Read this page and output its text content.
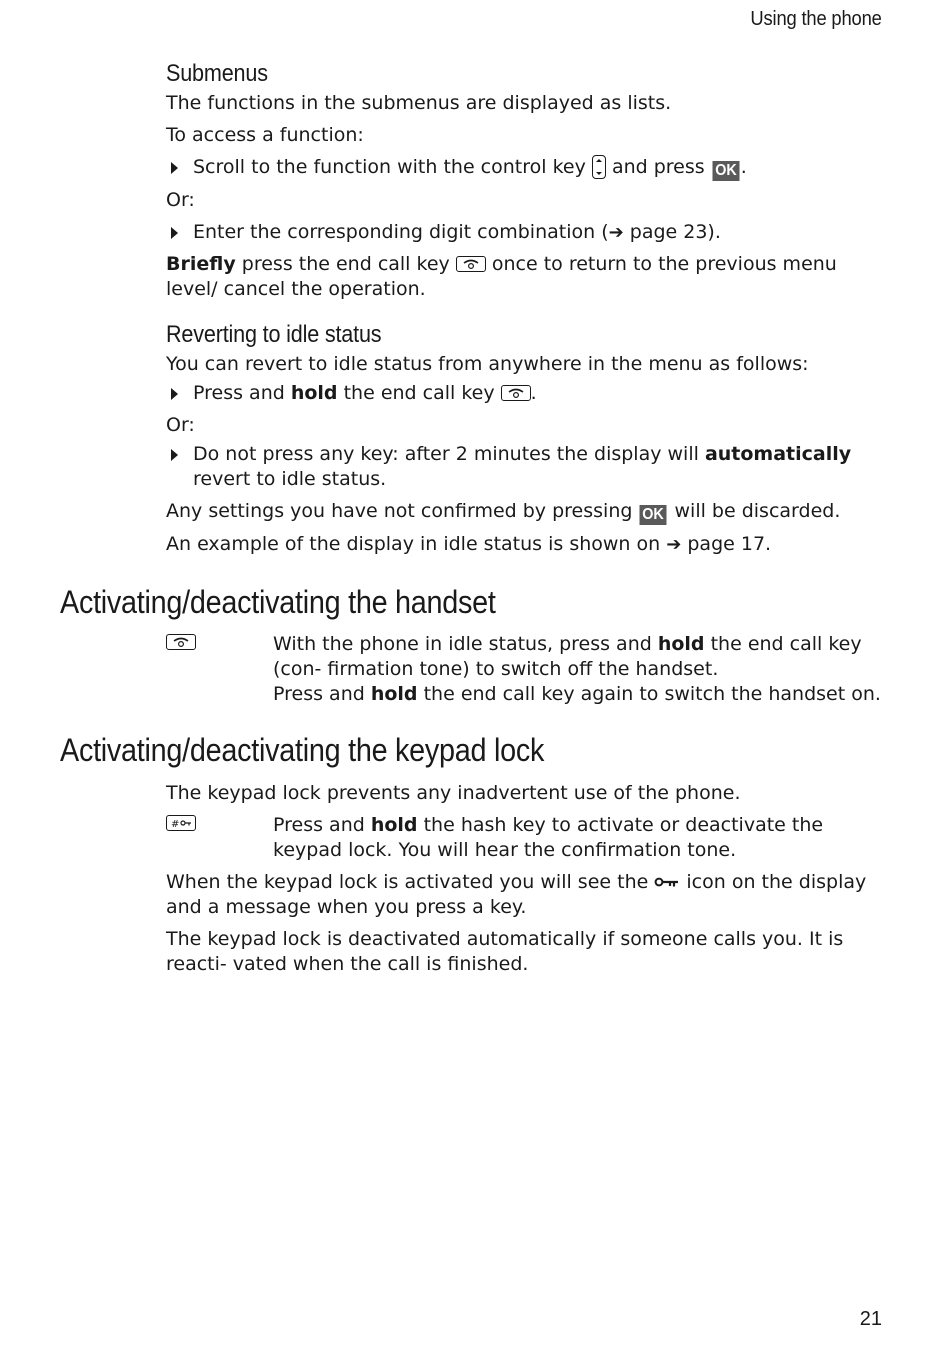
Using the phone
Submenus

The functions in the submenus are displayed as lists.

To access a function:

Scroll to the function with the control key and press OK .

Or:

Enter the corresponding digit combination (➔ page 23).

Briefly press the end call key once to return to the previous menu level/ cancel the operation.

Reverting to idle status

You can revert to idle status from anywhere in the menu as follows:

Press and hold the end call key .

Or:

Do not press any key: after 2 minutes the display will automatically revert to idle status.

Any settings you have not confirmed by pressing OK will be discarded.

An example of the display in idle status is shown on ➔ page 17.

Activating/deactivating the handset

With the phone in idle status, press and hold the end call key (con- firmation tone) to switch off the handset.

Press and hold the end call key again to switch the handset on.

Activating/deactivating the keypad lock

The keypad lock prevents any inadvertent use of the phone.

#	Press and hold the hash key to activate or deactivate the keypad lock. You will hear the confirmation tone.

When the keypad lock is activated you will see the icon on the display and a message when you press a key.

The keypad lock is deactivated automatically if someone calls you. It is reacti- vated when the call is finished.

21
